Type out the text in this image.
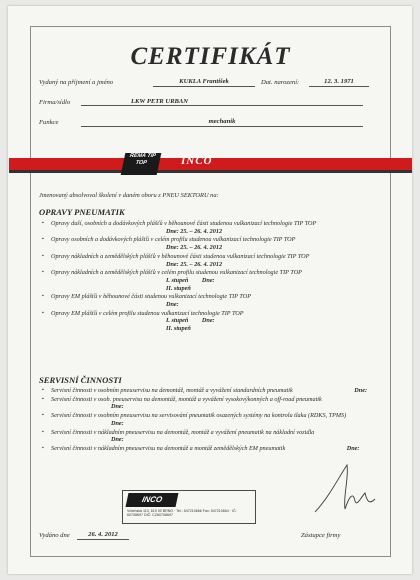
CERTIFIKÁT
Vydaný na příjmení a jméno	KUKLA František	Dat. narození:	12. 3. 1971
Firma/sídlo	LKW PETR URBAN
Funkce	mechanik
REMA TIP TOP	INCO
Jmenovaný absolvoval školení v daném oboru z PNEU SEKTORU na:
OPRAVY PNEUMATIK
▪ Opravy duší, osobních a dodávkových plášťů v běhounové části studenou vulkanizací technologie TIP TOP
Dne: 25. – 26. 4. 2012
▪ Opravy osobních a dodávkových plášťů v celém profilu studenou vulkanizací technologie TIP TOP
Dne: 25. – 26. 4. 2012
▪ Opravy nákladních a zemědělských plášťů v běhounové části studenou vulkanizací technologie TIP TOP
Dne: 25. – 26. 4. 2012
▪ Opravy nákladních a zemědělských plášťů v celém profilu studenou vulkanizací technologie TIP TOP
I. stupeň Dne:
II. stupeň
▪ Opravy EM plášťů v běhounové části studenou vulkanizací technologie TIP TOP
Dne:
▪ Opravy EM plášťů v celém profilu studenou vulkanizací technologie TIP TOP
I. stupeň Dne:
II. stupeň
SERVISNÍ ČINNOSTI
▪ Servisní činnosti v osobním pneuservisu na demontáž, montáž a vyvážení standardních pneumatik	Dne:
▪ Servisní činnosti v osob. pneuservisu na demontáž, montáž a vyvážení vysokovýkonných a off-road pneumatik Dne:
▪ Servisní činnosti v osobním pneuservisu na servisování pneumatik osazených systémy na kontrolu tlaku (RDKS, TPMS) Dne:
▪ Servisní činnosti v nákladním pneuservisu na demontáž, montáž a vyvážení pneumatik na nákladní vozidla Dne:
▪ Servisní činnosti v nákladním pneuservisu na demontáž a montáž zemědělských EM pneumatik	Dne:
INCO
Vídeňská 110, 619 00 BRNO · Tel.: 547210666 Fax: 547210664 · IČ: 60708697 DIČ: CZ60708697
Vydáno dne	26. 4. 2012	Zástupce firmy
